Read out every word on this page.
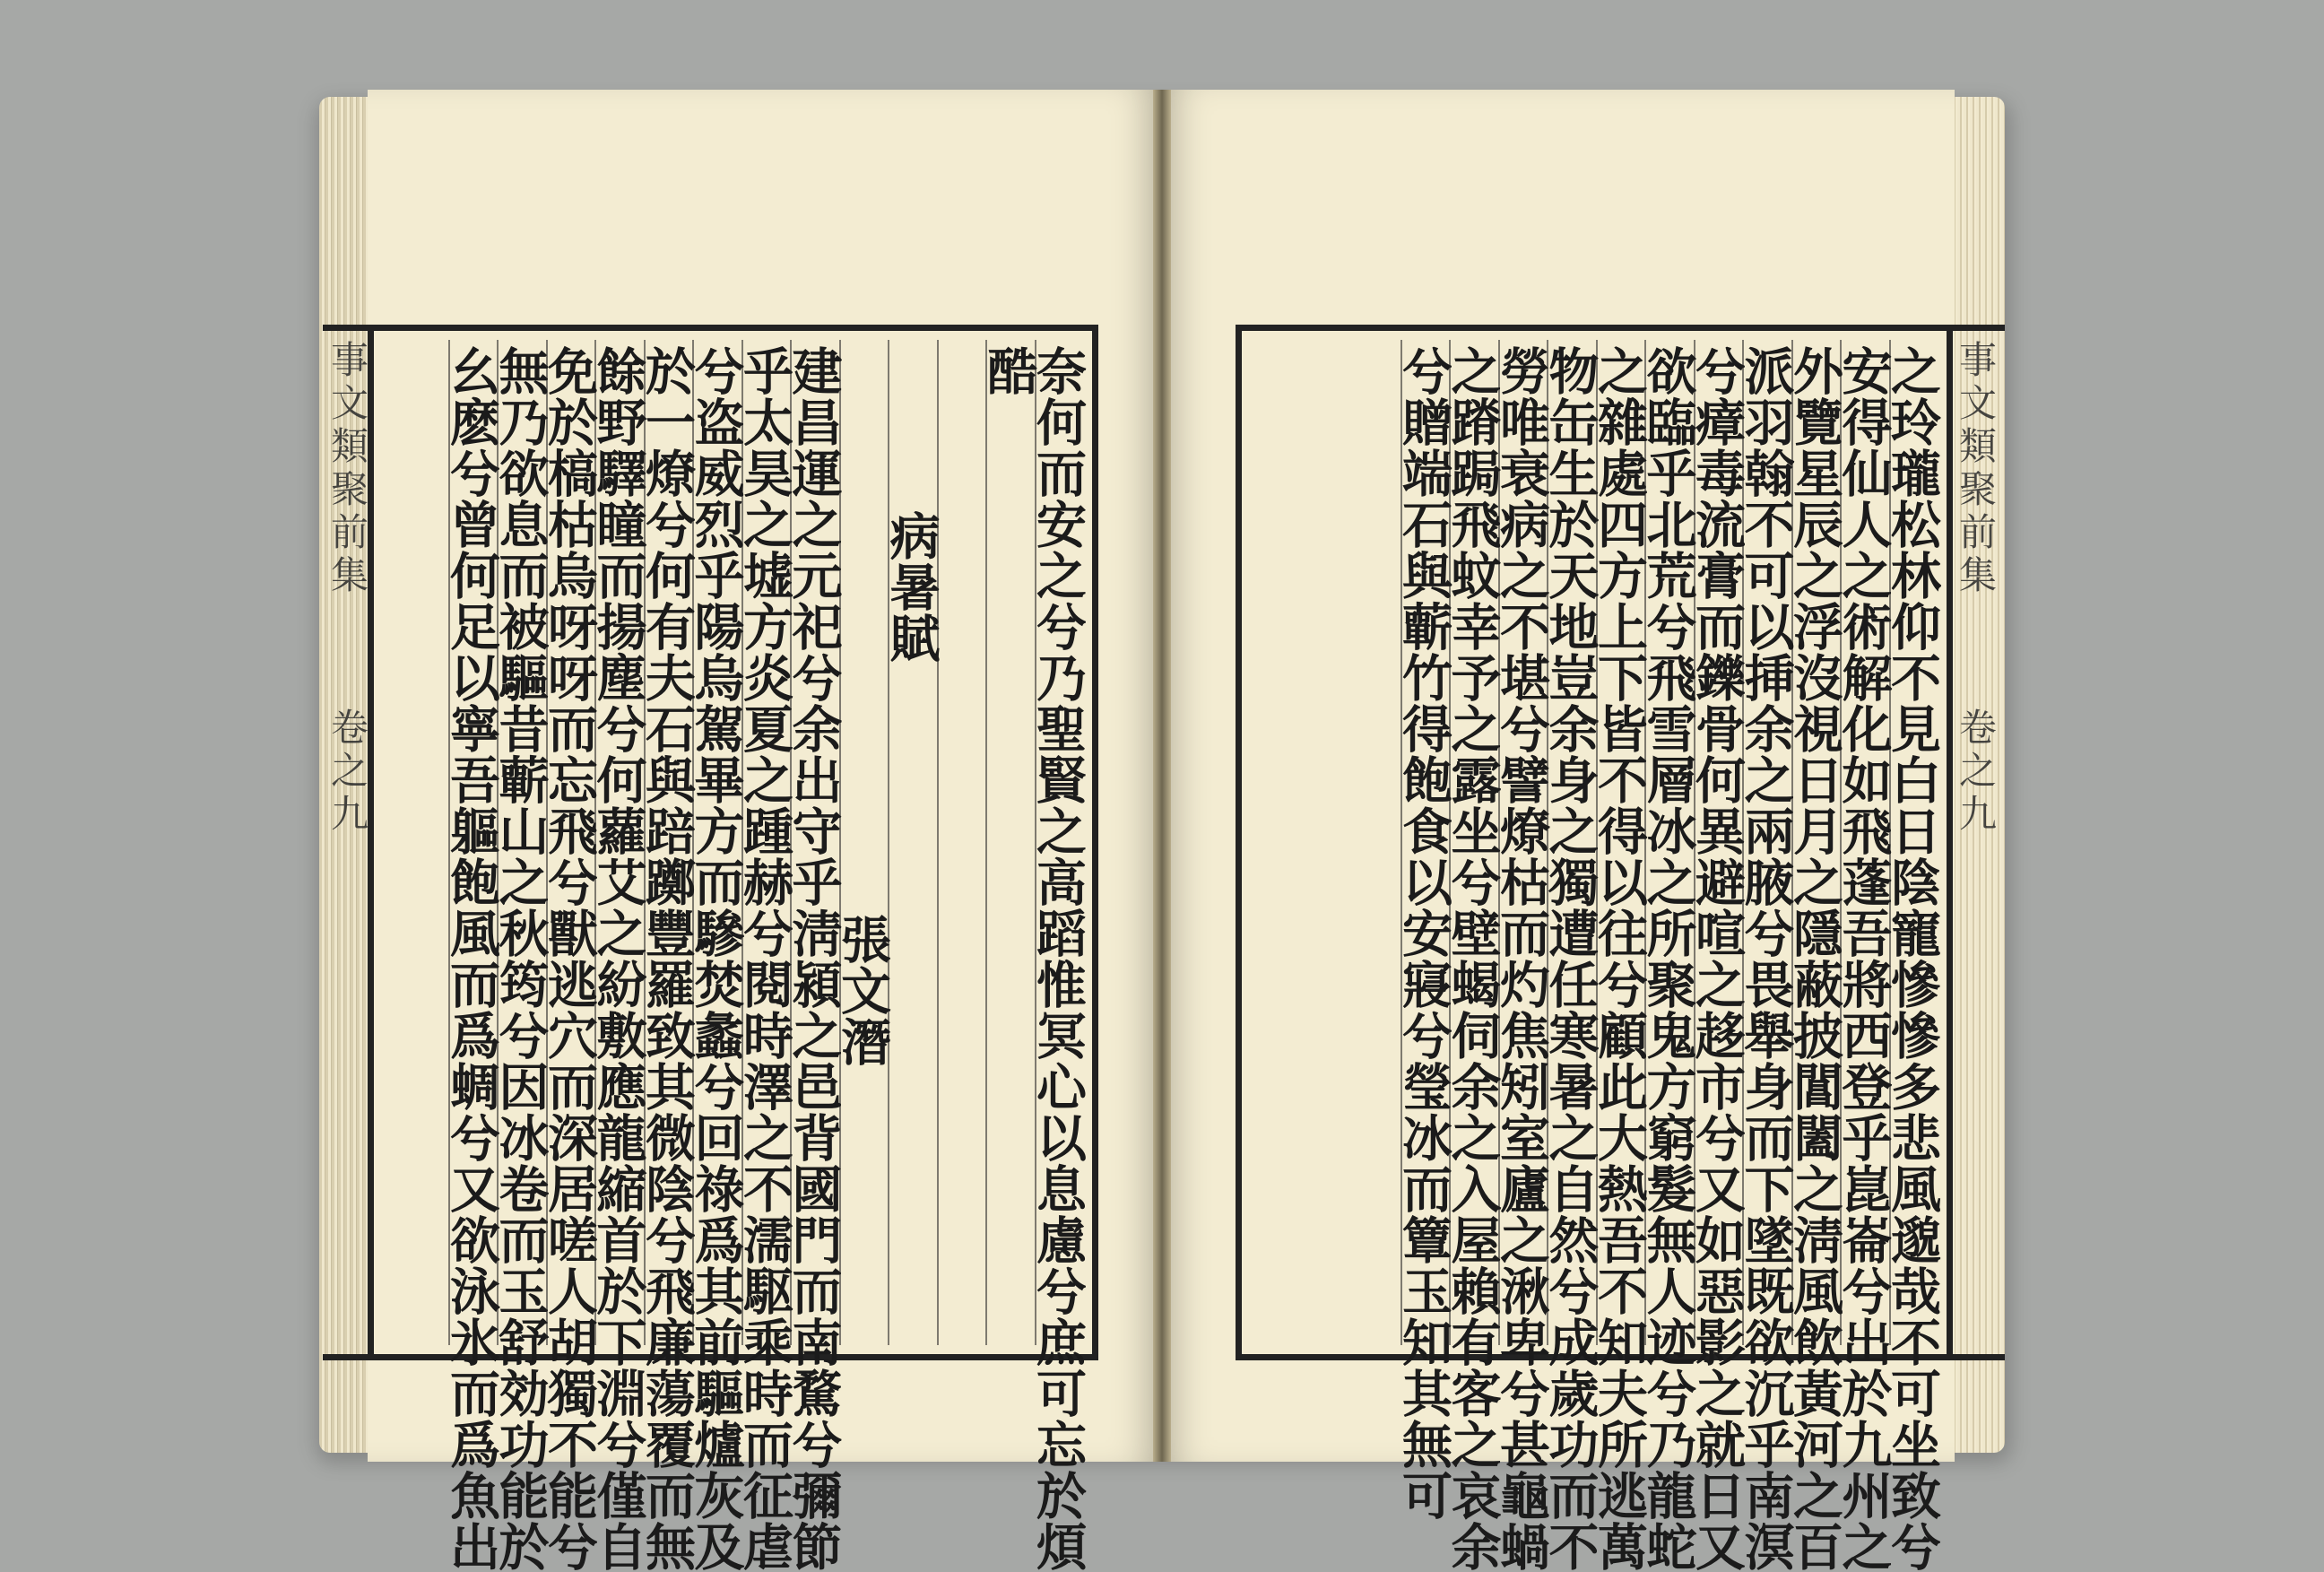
事文類聚前集
卷之九
事文類聚前集
卷之九
奈何而安之兮乃聖賢之高蹈惟冥心以息慮兮庶可忘於煩
酷
病暑賦
張文潛
建昌運之元祀兮余出守乎淸潁之邑背國門而南騖兮彌節
乎太昊之墟方炎夏之踵赫兮閱時澤之不濡駆乘時而征虐
兮盗威烈乎陽烏駕畢方而驂焚蠡兮回祿爲其前驅爐灰及
於一燎兮何有夫石與踣躑豐羅致其微陰兮飛廉蕩覆而無
餘野驛瞳而揚塵兮何蘿艾之紛敷應龍縮首於下淵兮僅自
免於槁枯烏呀呀而忘飛兮獸逃穴而深居嗟人胡獨不能兮
無乃欲息而被驅昔蘄山之秋筠兮因冰卷而玉舒効功能於
幺麽兮曾何足以寧吾軀飽風而爲蜩兮又欲泳氷而爲魚出	之玲瓏松林仰不見白日陰寵慘慘多悲風邈哉不可坐致兮
安得仙人之術解化如飛蓬吾將西登乎崑崙兮出於九州之
外覽星辰之浮沒視日月之隱蔽披閶闔之淸風飲黃河之百
派羽翰不可以挿余之兩腋兮畏舉身而下墜既欲沉乎南溟
兮瘴毒流膏而鑠骨何異避喧之趍市兮又如惡影之就日又
欲臨乎北荒兮飛雪層冰之所聚鬼方窮髮無人迹兮乃龍蛇
之雜處四方上下皆不得以往兮顧此大熱吾不知夫所逃萬
物缶生於天地豈余身之獨遭任寒暑之自然兮成歲功而不
勞唯衰病之不堪兮譬燎枯而灼焦矧室廬之湫卑兮甚龜蝸
之蹐跼飛蚊幸予之露坐兮壁蝎伺余之入屋賴有客之哀余
兮贈端石與蘄竹得飽食以安寢兮瑩冰而簟玉知其無可
